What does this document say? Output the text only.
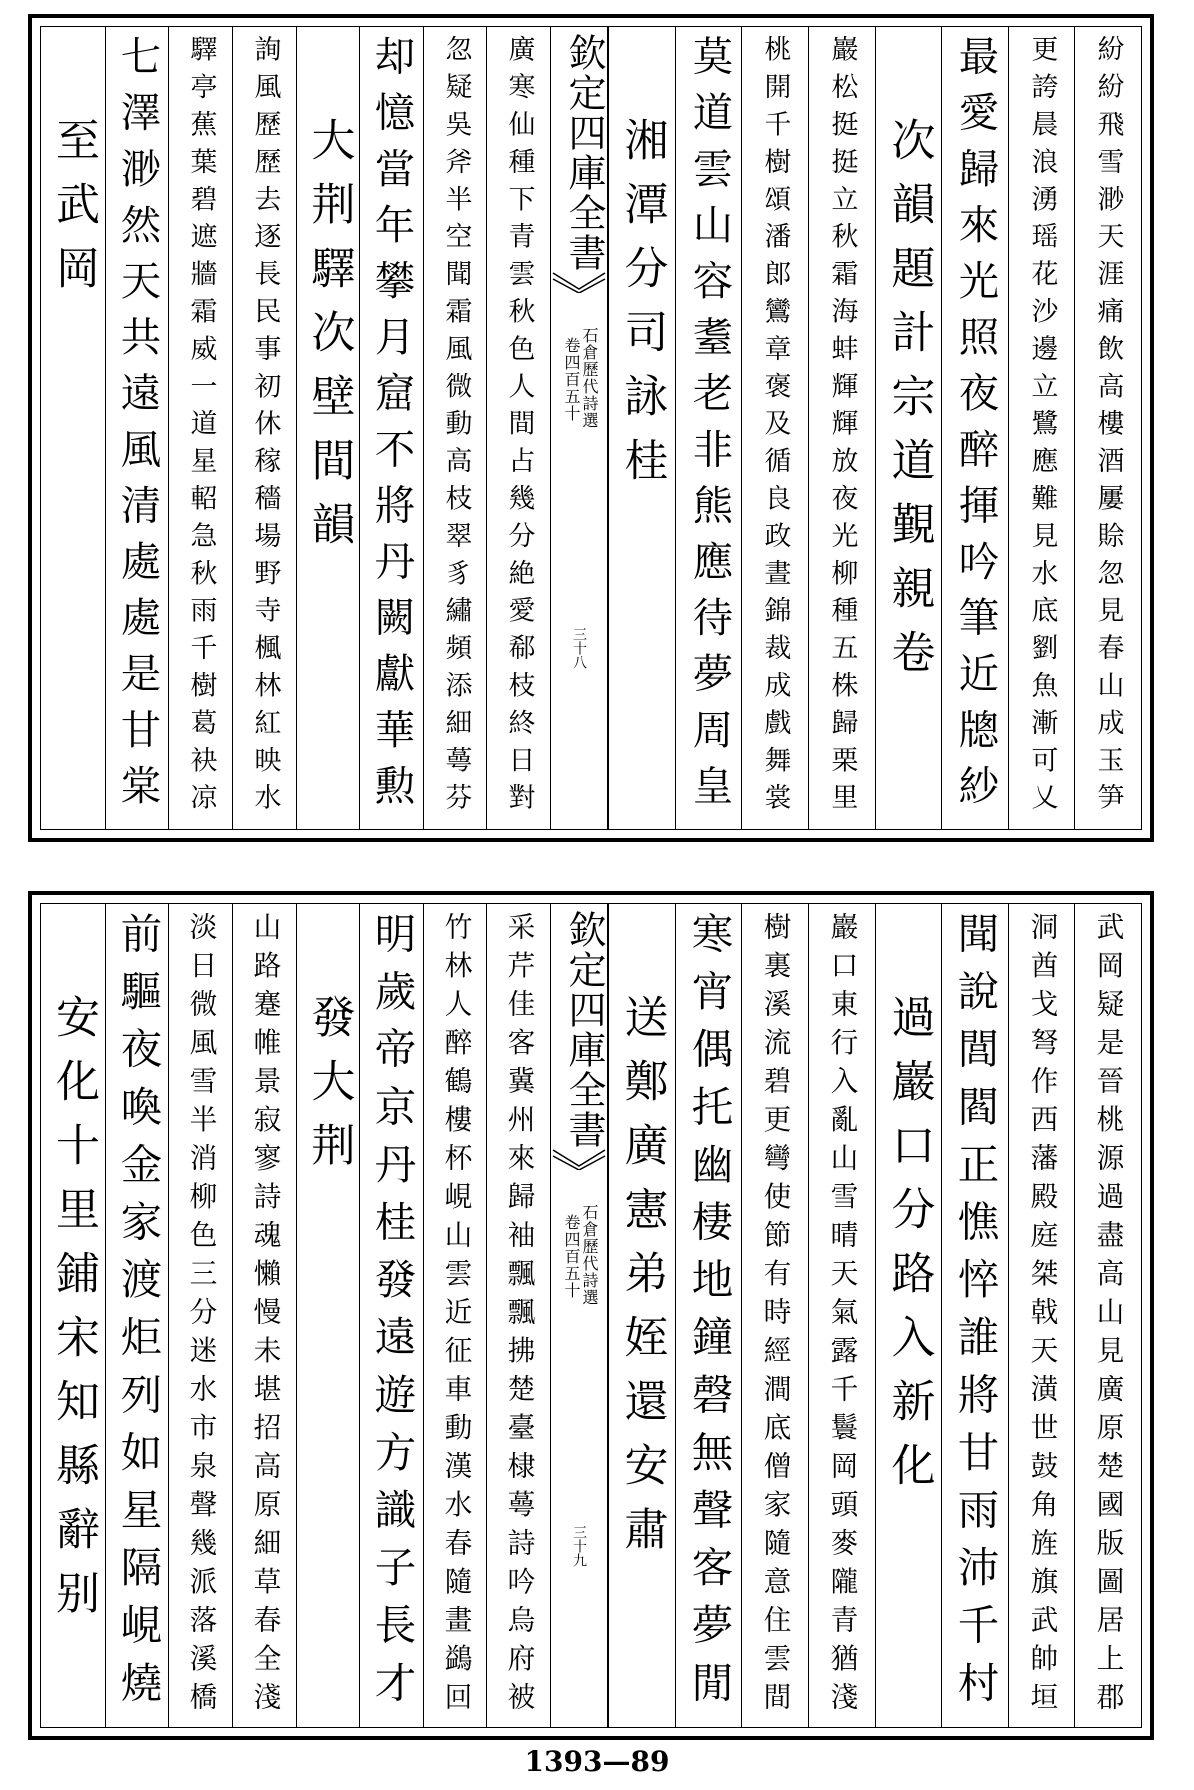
紛紛飛雪渺天涯痛飲高樓酒屢賒忽見春山成玉笋
更誇晨浪湧瑶花沙邊立鷺應難見水底劉魚漸可乂
最愛歸來光照夜醉揮吟筆近牕紗
次韻題計宗道覲親卷
巖松挺挺立秋霜海蚌輝輝放夜光柳種五株歸栗里
桃開千樹頌潘郎鸞章褒及循良政晝錦裁成戲舞裳
莫道雲山容耋老非熊應待夢周皇
湘潭分司詠桂
欽定四庫全書
石倉歷代詩選
卷四百五十
三十八
廣寒仙種下青雲秋色人間占幾分絶愛郗枝終日對
忽疑吳斧半空聞霜風微動高枝翠豸繡頻添細蕚芬
却憶當年攀月窟不將丹闕獻華勲
大荆驛次壁間韻
詢風歷歷去逐長民事初休稼穡場野寺楓林紅映水
驛亭蕉葉碧遮牆霜威一道星軺急秋雨千樹葛袂凉
七澤渺然天共遠風清處處是甘棠
至武岡
武岡疑是晉桃源過盡高山見廣原楚國版圖居上郡
洞酋戈弩作西藩殿庭桀戟天潢世鼓角旌旗武帥垣
聞說閭閻正憔悴誰將甘雨沛千村
過巖口分路入新化
巖口東行入亂山雪晴天氣露千鬟岡頭麥隴青猶淺
樹裏溪流碧更彎使節有時經澗底僧家隨意住雲間
寒宵偶托幽棲地鐘磬無聲客夢閒
送鄭廣憲弟姪還安肅
欽定四庫全書
石倉歷代詩選
卷四百五十
三十九
采芹佳客冀州來歸袖飄飄拂楚臺棣蕚詩吟烏府被
竹林人醉鶴樓杯峴山雲近征車動漢水春隨畫鷁回
明歲帝京丹桂發遠遊方識子長才
發大荆
山路蹇帷景寂寥詩魂懶慢未堪招高原細草春全淺
淡日微風雪半消柳色三分迷水市泉聲幾派落溪橋
前驅夜喚金家渡炬列如星隔峴燒
安化十里鋪宋知縣辭别
1393—89
